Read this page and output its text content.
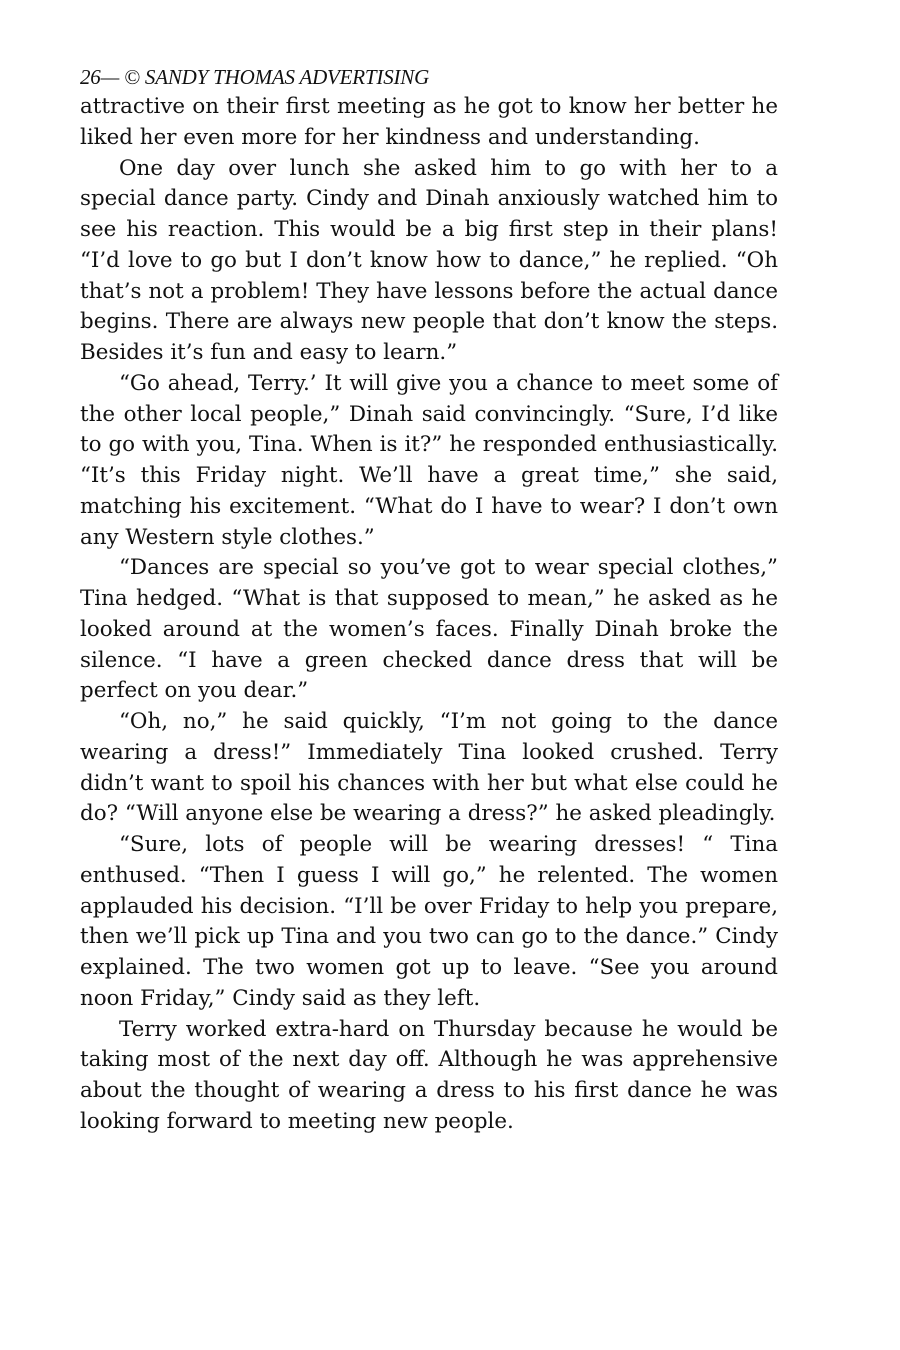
26— © SANDY THOMAS ADVERTISING

attractive on their first meeting as he got to know her better he liked her even more for her kindness and understanding.

One day over lunch she asked him to go with her to a special dance party. Cindy and Dinah anxiously watched him to see his reaction. This would be a big first step in their plans! “I’d love to go but I don’t know how to dance,” he replied. “Oh that’s not a problem! They have lessons before the actual dance begins. There are always new people that don’t know the steps. Besides it’s fun and easy to learn.”

“Go ahead, Terry.’ It will give you a chance to meet some of the other local people,” Dinah said convincingly. “Sure, I’d like to go with you, Tina. When is it?” he responded enthusiastically. “It’s this Friday night. We’ll have a great time,” she said, matching his excitement. “What do I have to wear? I don’t own any Western style clothes.”

“Dances are special so you’ve got to wear special clothes,” Tina hedged. “What is that supposed to mean,” he asked as he looked around at the women’s faces. Finally Dinah broke the silence. “I have a green checked dance dress that will be perfect on you dear.”

“Oh, no,” he said quickly, “I’m not going to the dance wearing a dress!” Immediately Tina looked crushed. Terry didn’t want to spoil his chances with her but what else could he do? “Will anyone else be wearing a dress?” he asked pleadingly.

“Sure, lots of people will be wearing dresses! “ Tina enthused. “Then I guess I will go,” he relented. The women applauded his decision. “I’ll be over Friday to help you prepare, then we’ll pick up Tina and you two can go to the dance.” Cindy explained. The two women got up to leave. “See you around noon Friday,” Cindy said as they left.

Terry worked extra-hard on Thursday because he would be taking most of the next day off. Although he was apprehensive about the thought of wearing a dress to his first dance he was looking forward to meeting new people.
